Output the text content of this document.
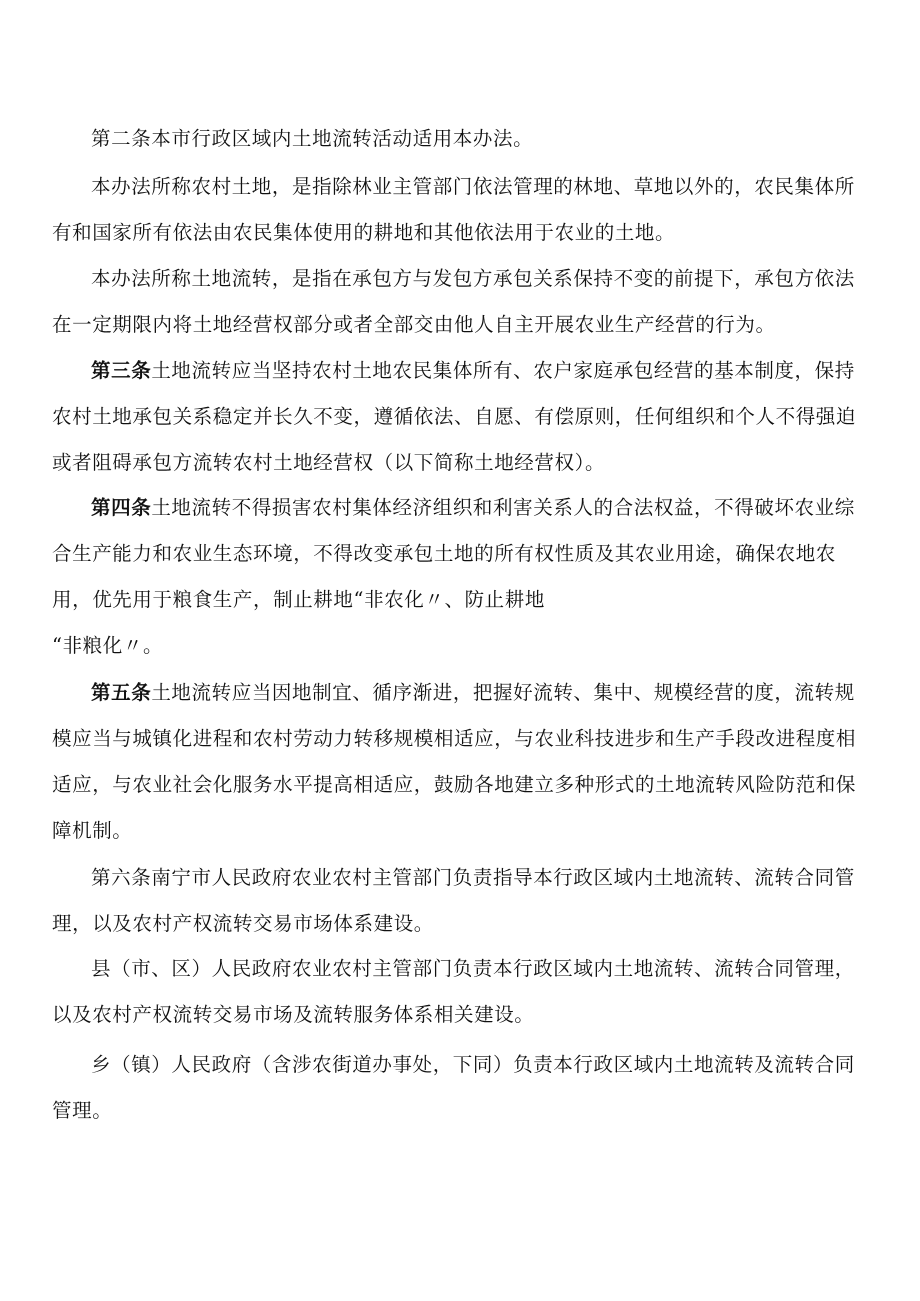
第二条本市行政区域内土地流转活动适用本办法。

本办法所称农村土地，是指除林业主管部门依法管理的林地、草地以外的，农民集体所
有和国家所有依法由农民集体使用的耕地和其他依法用于农业的土地。

本办法所称土地流转，是指在承包方与发包方承包关系保持不变的前提下，承包方依法
在一定期限内将土地经营权部分或者全部交由他人自主开展农业生产经营的行为。

第三条土地流转应当坚持农村土地农民集体所有、农户家庭承包经营的基本制度，保持
农村土地承包关系稳定并长久不变，遵循依法、自愿、有偿原则，任何组织和个人不得强迫
或者阻碍承包方流转农村土地经营权（以下简称土地经营权）。

第四条土地流转不得损害农村集体经济组织和利害关系人的合法权益，不得破坏农业综
合生产能力和农业生态环境，不得改变承包土地的所有权性质及其农业用途，确保农地农
用，优先用于粮食生产，制止耕地“非农化〃、防止耕地
“非粮化〃。

第五条土地流转应当因地制宜、循序渐进，把握好流转、集中、规模经营的度，流转规
模应当与城镇化进程和农村劳动力转移规模相适应，与农业科技进步和生产手段改进程度相
适应，与农业社会化服务水平提高相适应，鼓励各地建立多种形式的土地流转风险防范和保
障机制。

第六条南宁市人民政府农业农村主管部门负责指导本行政区域内土地流转、流转合同管
理，以及农村产权流转交易市场体系建设。

县（市、区）人民政府农业农村主管部门负责本行政区域内土地流转、流转合同管理，
以及农村产权流转交易市场及流转服务体系相关建设。

乡（镇）人民政府（含涉农街道办事处，下同）负责本行政区域内土地流转及流转合同
管理。
